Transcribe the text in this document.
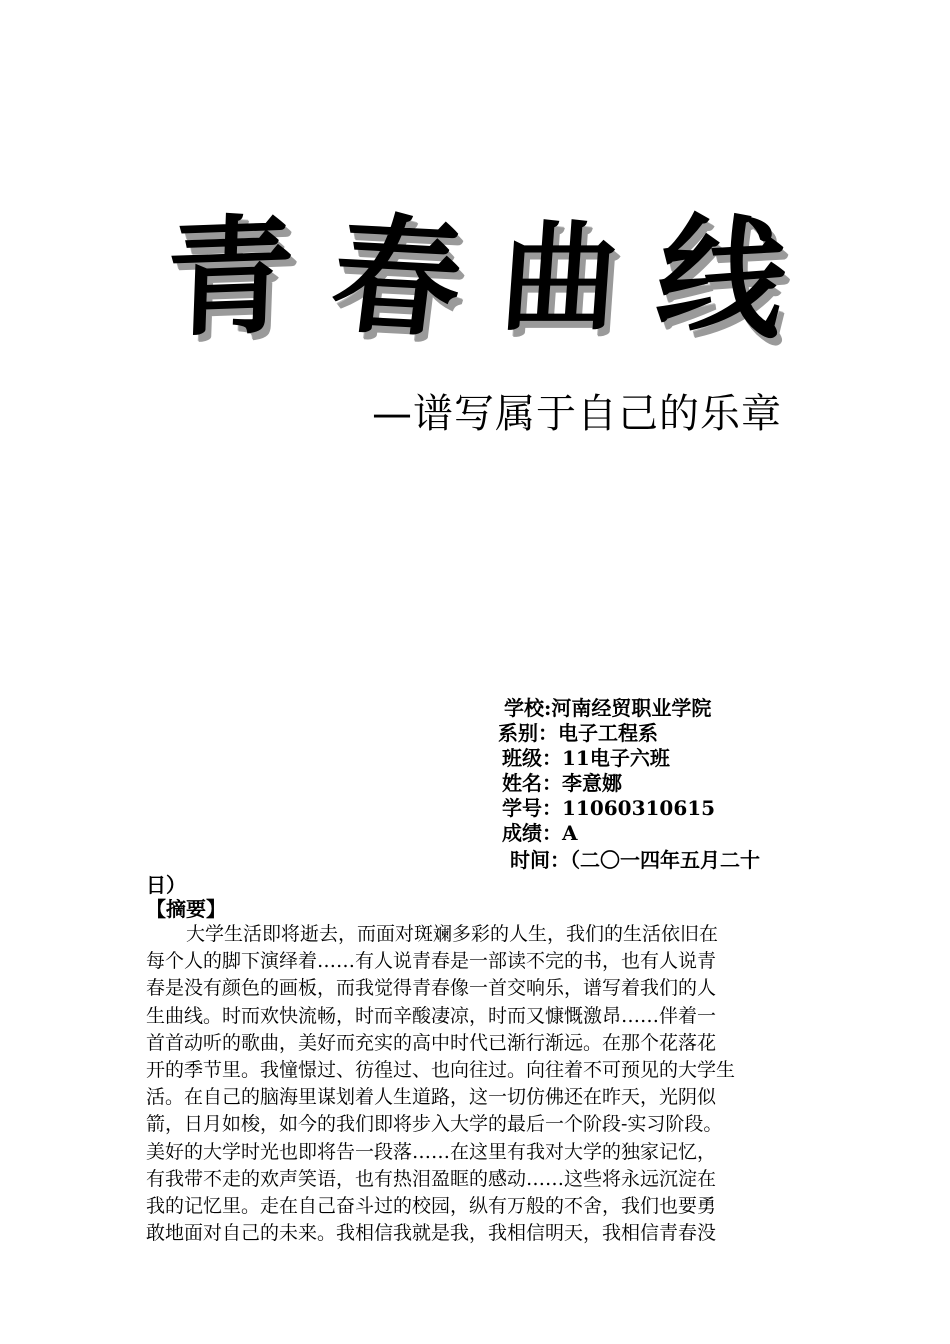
青 春 曲 线
—谱写属于自己的乐章
学校:河南经贸职业学院
系别：电子工程系
班级：11电子六班
姓名：李意娜
学号：11060310615
成绩：A
时间：（二〇一四年五月二十
日）
【摘要】
大学生活即将逝去，而面对斑斓多彩的人生，我们的生活依旧在
每个人的脚下演绎着……有人说青春是一部读不完的书，也有人说青
春是没有颜色的画板，而我觉得青春像一首交响乐，谱写着我们的人
生曲线。时而欢快流畅，时而辛酸凄凉，时而又慷慨激昂……伴着一
首首动听的歌曲，美好而充实的高中时代已渐行渐远。在那个花落花
开的季节里。我憧憬过、彷徨过、也向往过。向往着不可预见的大学生
活。在自己的脑海里谋划着人生道路，这一切仿佛还在昨天，光阴似
箭，日月如梭，如今的我们即将步入大学的最后一个阶段-实习阶段。
美好的大学时光也即将告一段落……在这里有我对大学的独家记忆，
有我带不走的欢声笑语，也有热泪盈眶的感动……这些将永远沉淀在
我的记忆里。走在自己奋斗过的校园，纵有万般的不舍，我们也要勇
敢地面对自己的未来。我相信我就是我，我相信明天，我相信青春没
